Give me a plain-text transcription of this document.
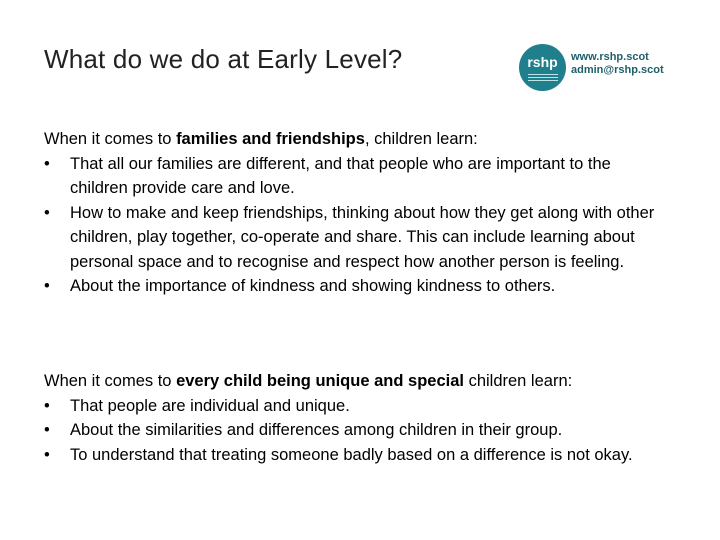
What do we do at Early Level?	rshp www.rshp.scot
admin@rshp.scot
When it comes to families and friendships, children learn:
•	That all our families are different, and that people who are important to the children provide care and love.
•	How to make and keep friendships, thinking about how they get along with other children, play together, co-operate and share. This can include learning about personal space and to recognise and respect how another person is feeling.
•	About the importance of kindness and showing kindness to others.
When it comes to every child being unique and special children learn:
•	That people are individual and unique.
•	About the similarities and differences among children in their group.
•	To understand that treating someone badly based on a difference is not okay.
